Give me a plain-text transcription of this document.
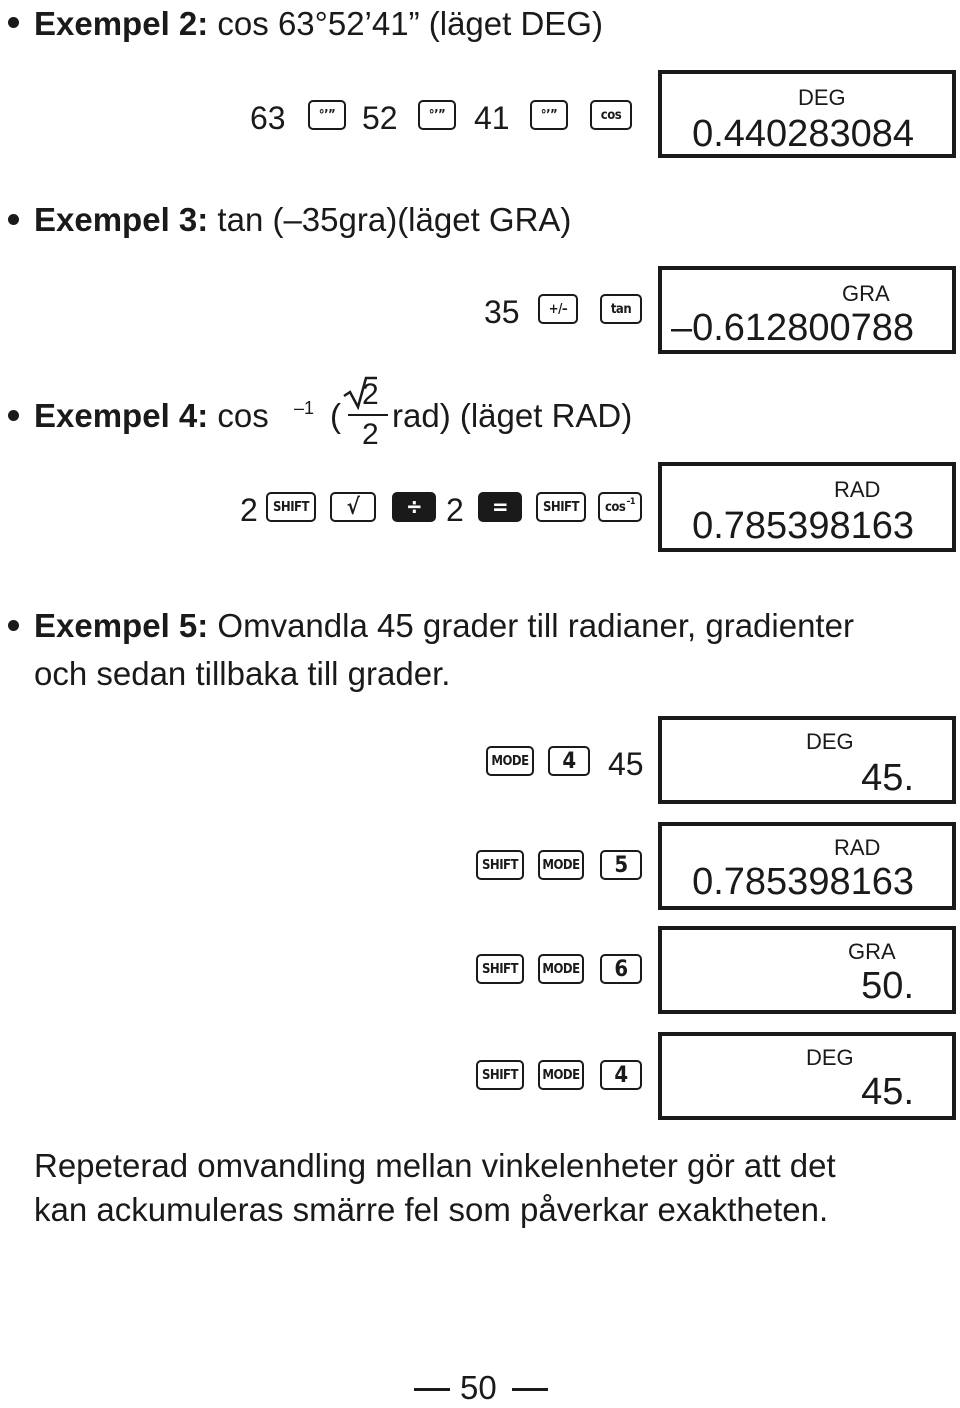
Exempel 2: cos 63°52’41” (läget DEG)
63	°’” 52	°’” 41	°’”	cos
DEG
0.440283084
Exempel 3: tan (–35gra)(läget GRA)
35	+/–	tan
GRA
–0.612800788
Exempel 4: cos –1 (
2
2
rad) (läget RAD)
2	SHIFT	√	÷ 2	=	SHIFT	$\cos^{-1}$	RAD
0.785398163
Exempel 5: Omvandla 45 grader till radianer, gradienter
och sedan tillbaka till grader.
MODE	4	45
DEG
45.
SHIFT	MODE	5
RAD
0.785398163
SHIFT	MODE	6
GRA
50.
SHIFT	MODE	4
DEG
45.
Repeterad omvandling mellan vinkelenheter gör att det
kan ackumuleras smärre fel som påverkar exaktheten.
50
